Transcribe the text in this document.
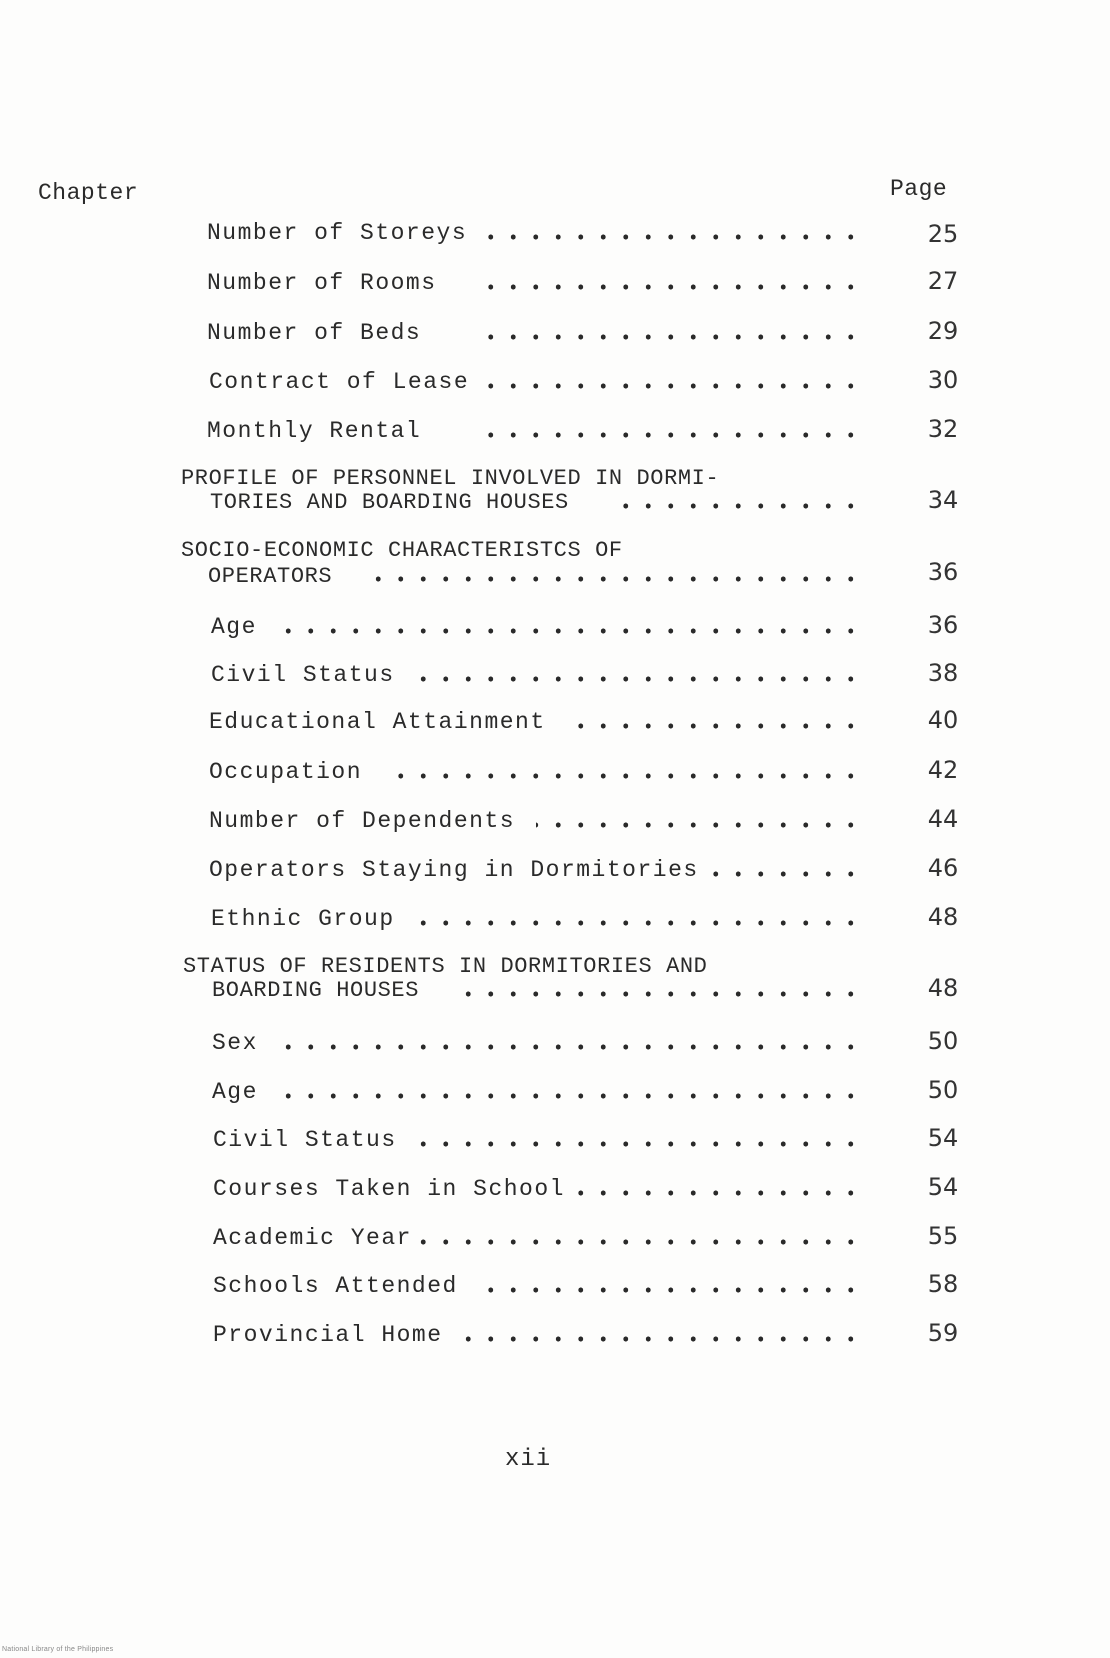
Chapter	Page
Number of Storeys	25
Number of Rooms	27
Number of Beds	29
Contract of Lease	30
Monthly Rental	32
PROFILE OF PERSONNEL INVOLVED IN DORMI-
TORIES AND BOARDING HOUSES	34
SOCIO-ECONOMIC CHARACTERISTCS OF
OPERATORS	36
Age	36
Civil Status	38
Educational Attainment	40
Occupation	42
Number of Dependents	44
Operators Staying in Dormitories	46
Ethnic Group	48
STATUS OF RESIDENTS IN DORMITORIES AND
BOARDING HOUSES	48
Sex	50
Age	50
Civil Status	54
Courses Taken in School	54
Academic Year	55
Schools Attended	58
Provincial Home	59
xii
National Library of the Philippines
